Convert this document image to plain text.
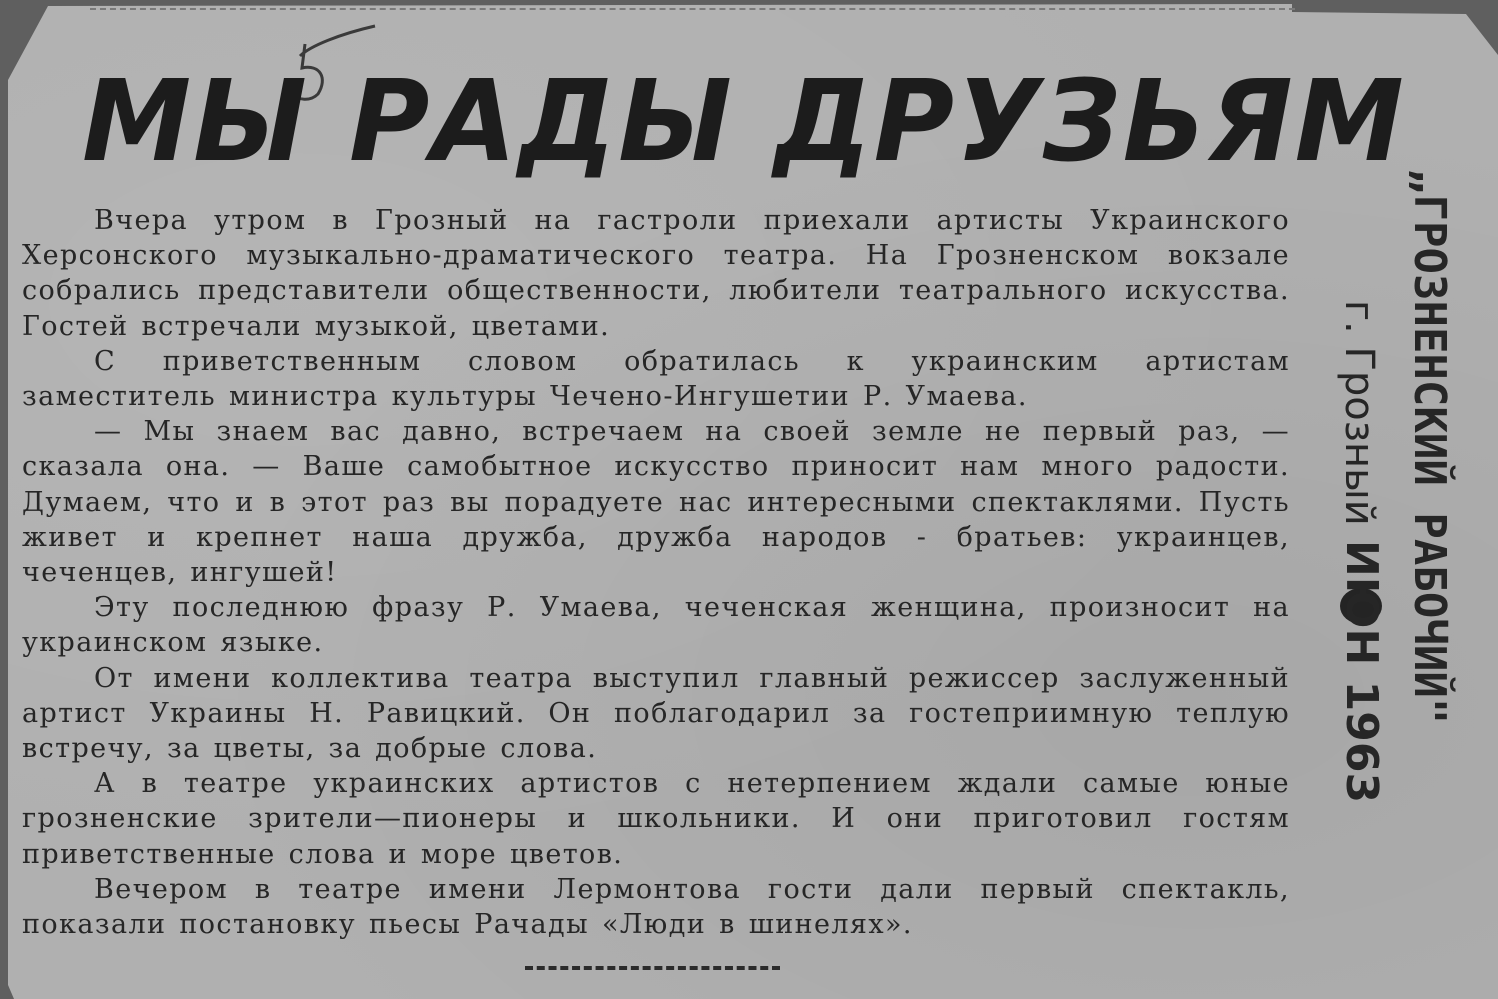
МЫ РАДЫ ДРУЗЬЯМ

Вчера утром в Грозный на гастроли приехали артисты Украинского Херсонского музыкально-драматического театра. На Грозненском вокзале собрались представители общественности, любители театрального искусства. Гостей встречали музыкой, цветами.

С приветственным словом обратилась к украинским артистам заместитель министра культуры Чечено-Ингушетии Р. Умаева.

— Мы знаем вас давно, встречаем на своей земле не первый раз, — сказала она. — Ваше самобытное искусство приносит нам много радости. Думаем, что и в этот раз вы порадуете нас интересными спектаклями. Пусть живет и крепнет наша дружба, дружба народов - братьев: украинцев, чеченцев, ингушей!

Эту последнюю фразу Р. Умаева, чеченская женщина, произносит на украинском языке.

От имени коллектива театра выступил главный режиссер заслуженный артист Украины Н. Равицкий. Он поблагодарил за гостеприимную теплую встречу, за цветы, за добрые слова.

А в театре украинских артистов с нетерпением ждали самые юные грозненские зрители—пионеры и школьники. И они приготовил гостям приветственные слова и море цветов.

Вечером в театре имени Лермонтова гости дали первый спектакль, показали постановку пьесы Рачады «Люди в шинелях».

„ГРОЗНЕНСКИЙ РАБОЧИЙ"
г. Грозный
ИЮН 1963
